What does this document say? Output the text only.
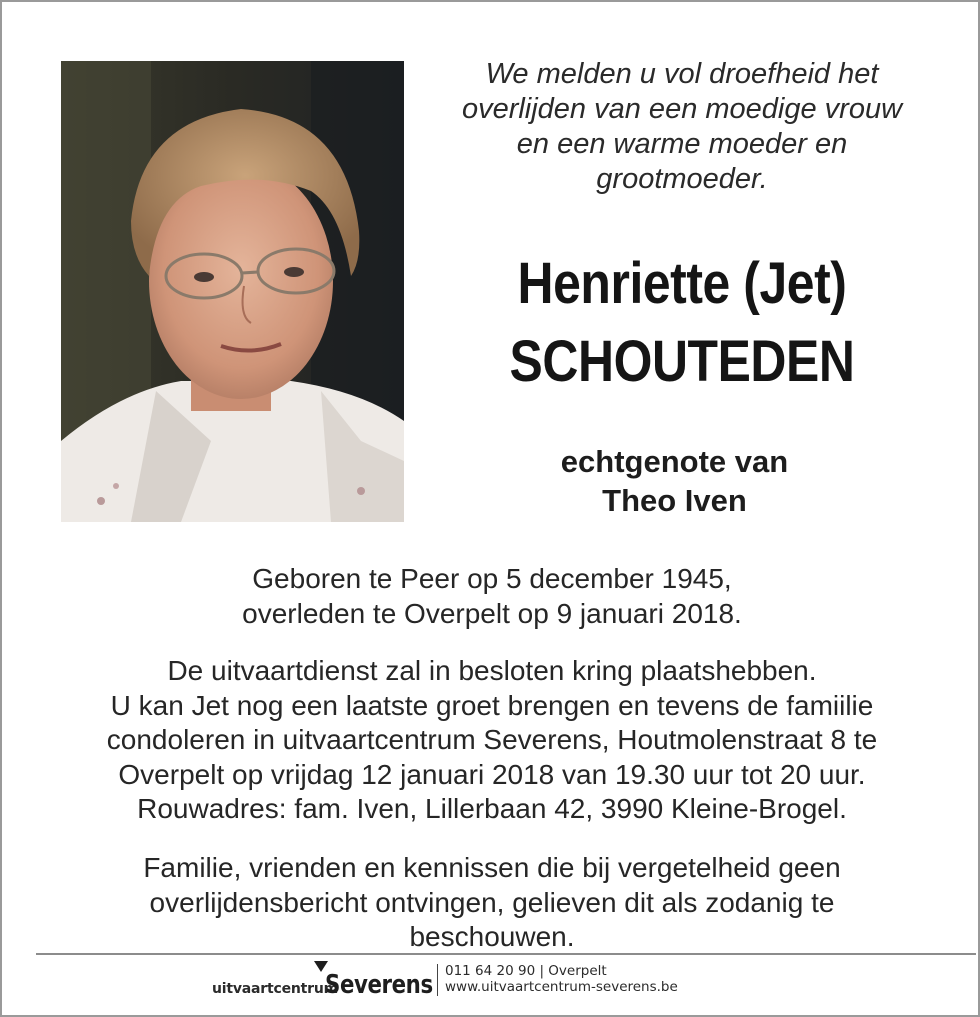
We melden u vol droefheid het
overlijden van een moedige vrouw
en een warme moeder en
grootmoeder.
Henriette (Jet)
SCHOUTEDEN
echtgenote van
Theo Iven
Geboren te Peer op 5 december 1945,
overleden te Overpelt op 9 januari 2018.
De uitvaartdienst zal in besloten kring plaatshebben.
U kan Jet nog een laatste groet brengen en tevens de famiilie
condoleren in uitvaartcentrum Severens, Houtmolenstraat 8 te
Overpelt op vrijdag 12 januari 2018 van 19.30 uur tot 20 uur.
Rouwadres: fam. Iven, Lillerbaan 42, 3990 Kleine-Brogel.
Familie, vrienden en kennissen die bij vergetelheid geen
overlijdensbericht ontvingen, gelieven dit als zodanig te
beschouwen.
uitvaartcentrum
Severens 011 64 20 90 | Overpelt
www.uitvaartcentrum-severens.be
